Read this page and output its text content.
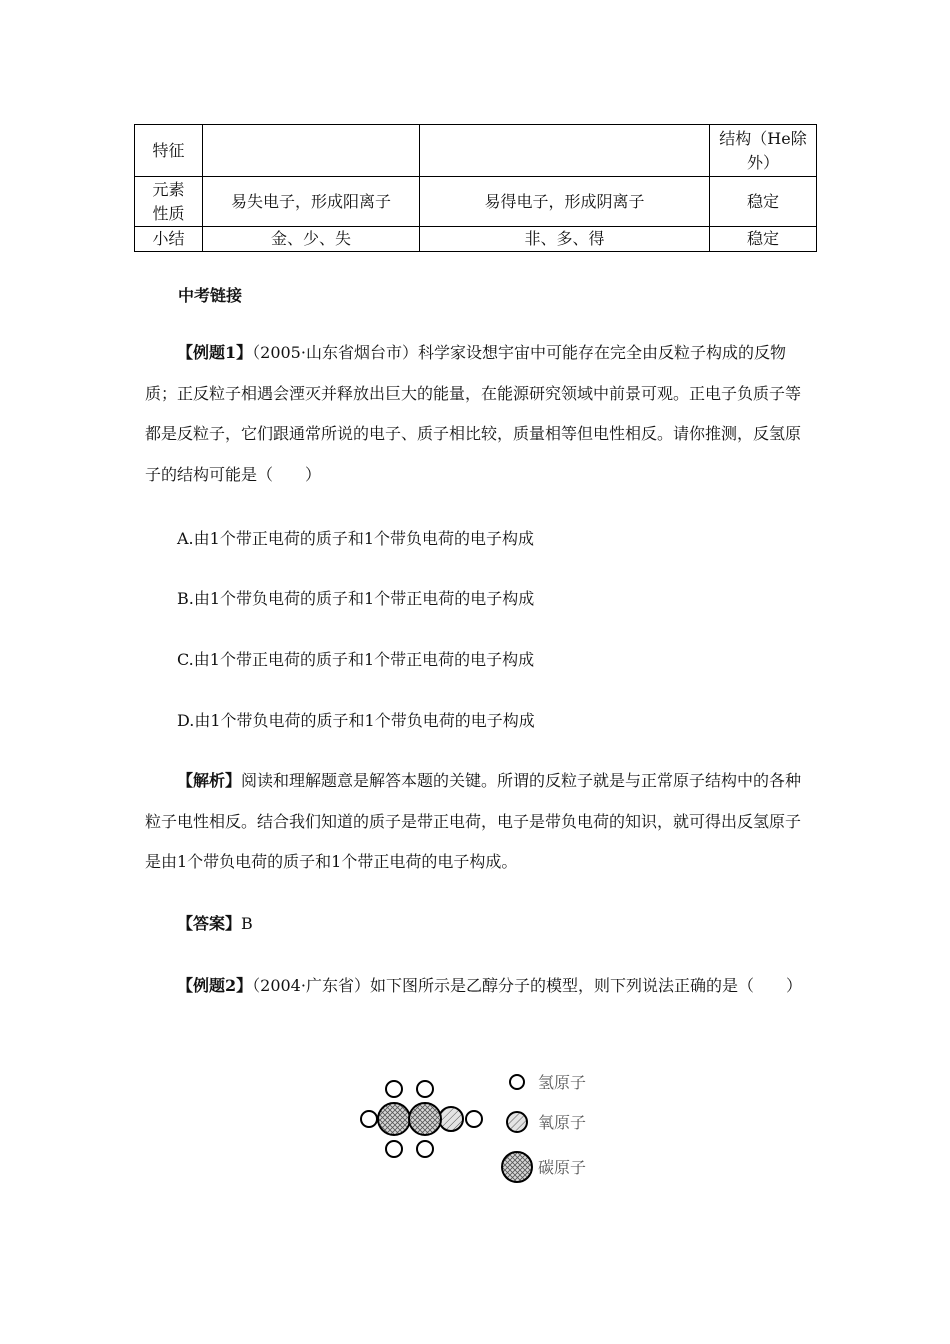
特征			结构（He除外）
元素性质	易失电子，形成阳离子	易得电子，形成阴离子	稳定
小结	金、少、失	非、多、得	稳定
中考链接

【例题1】（2005·山东省烟台市）科学家设想宇宙中可能存在完全由反粒子构成的反物质；正反粒子相遇会湮灭并释放出巨大的能量，在能源研究领域中前景可观。正电子负质子等都是反粒子，它们跟通常所说的电子、质子相比较，质量相等但电性相反。请你推测，反氢原子的结构可能是（　　）

A.由1个带正电荷的质子和1个带负电荷的电子构成
B.由1个带负电荷的质子和1个带正电荷的电子构成
C.由1个带正电荷的质子和1个带正电荷的电子构成
D.由1个带负电荷的质子和1个带负电荷的电子构成

【解析】阅读和理解题意是解答本题的关键。所谓的反粒子就是与正常原子结构中的各种粒子电性相反。结合我们知道的质子是带正电荷，电子是带负电荷的知识，就可得出反氢原子是由1个带负电荷的质子和1个带正电荷的电子构成。

【答案】B

【例题2】（2004·广东省）如下图所示是乙醇分子的模型，则下列说法正确的是（　　）

氢原子
氧原子
碳原子
